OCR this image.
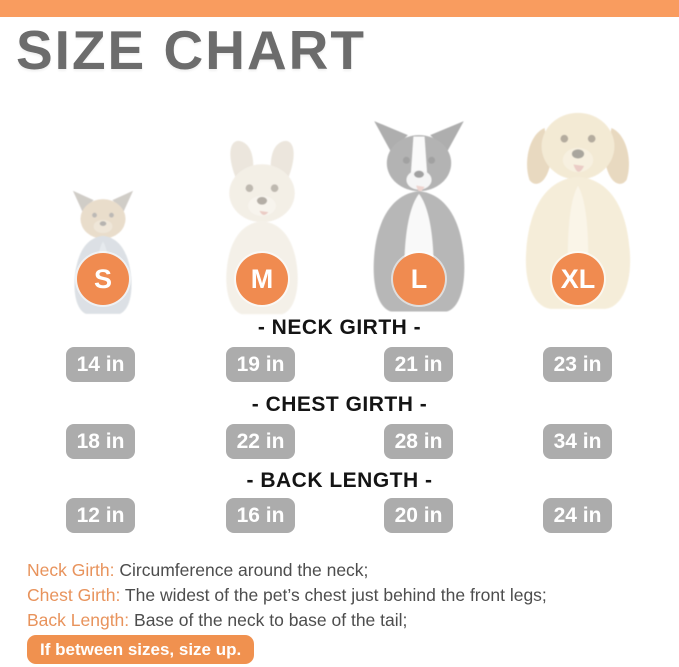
SIZE CHART
S	M	L	XL
- NECK GIRTH -
14 in	19 in	21 in	23 in
- CHEST GIRTH -
18 in	22 in	28 in	34 in
- BACK LENGTH -
12 in	16 in	20 in	24 in
Neck Girth: Circumference around the neck;
Chest Girth: The widest of the pet’s chest just behind the front legs;
Back Length: Base of the neck to base of the tail;
If between sizes, size up.
